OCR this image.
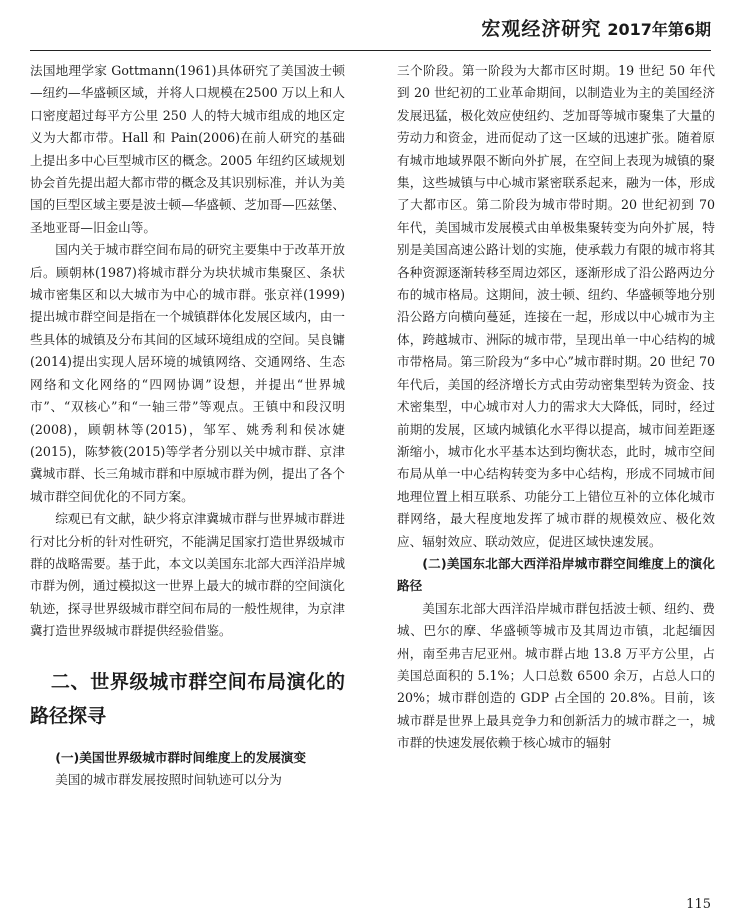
宏观经济研究 2017年第6期

法国地理学家 Gottmann(1961)具体研究了美国波士顿—纽约—华盛顿区域，并将人口规模在2500 万以上和人口密度超过每平方公里 250 人的特大城市组成的地区定义为大都市带。Hall 和 Pain(2006)在前人研究的基础上提出多中心巨型城市区的概念。2005 年纽约区域规划协会首先提出超大都市带的概念及其识别标准，并认为美国的巨型区域主要是波士顿—华盛顿、芝加哥—匹兹堡、圣地亚哥—旧金山等。

国内关于城市群空间布局的研究主要集中于改革开放后。顾朝林(1987)将城市群分为块状城市集聚区、条状城市密集区和以大城市为中心的城市群。张京祥(1999)提出城市群空间是指在一个城镇群体化发展区域内，由一些具体的城镇及分布其间的区域环境组成的空间。吴良镛(2014)提出实现人居环境的城镇网络、交通网络、生态网络和文化网络的“四网协调”设想，并提出“世界城市”、“双核心”和“一轴三带”等观点。王镇中和段汉明(2008)，顾朝林等(2015)，邹军、姚秀利和侯冰婕(2015)，陈梦筱(2015)等学者分别以关中城市群、京津冀城市群、长三角城市群和中原城市群为例，提出了各个城市群空间优化的不同方案。

综观已有文献，缺少将京津冀城市群与世界城市群进行对比分析的针对性研究，不能满足国家打造世界级城市群的战略需要。基于此，本文以美国东北部大西洋沿岸城市群为例，通过模拟这一世界上最大的城市群的空间演化轨迹，探寻世界级城市群空间布局的一般性规律，为京津冀打造世界级城市群提供经验借鉴。

二、世界级城市群空间布局演化的路径探寻
(一)美国世界级城市群时间维度上的发展演变

美国的城市群发展按照时间轨迹可以分为

三个阶段。第一阶段为大都市区时期。19 世纪 50 年代到 20 世纪初的工业革命期间，以制造业为主的美国经济发展迅猛，极化效应使纽约、芝加哥等城市聚集了大量的劳动力和资金，进而促动了这一区域的迅速扩张。随着原有城市地域界限不断向外扩展，在空间上表现为城镇的聚集，这些城镇与中心城市紧密联系起来，融为一体，形成了大都市区。第二阶段为城市带时期。20 世纪初到 70 年代，美国城市发展模式由单极集聚转变为向外扩展，特别是美国高速公路计划的实施，使承载力有限的城市将其各种资源逐渐转移至周边郊区，逐渐形成了沿公路两边分布的城市格局。这期间，波士顿、纽约、华盛顿等地分别沿公路方向横向蔓延，连接在一起，形成以中心城市为主体，跨越城市、洲际的城市带，呈现出单一中心结构的城市带格局。第三阶段为“多中心”城市群时期。20 世纪 70 年代后，美国的经济增长方式由劳动密集型转为资金、技术密集型，中心城市对人力的需求大大降低，同时，经过前期的发展，区域内城镇化水平得以提高，城市间差距逐渐缩小，城市化水平基本达到均衡状态，此时，城市空间布局从单一中心结构转变为多中心结构，形成不同城市间地理位置上相互联系、功能分工上错位互补的立体化城市群网络，最大程度地发挥了城市群的规模效应、极化效应、辐射效应、联动效应，促进区域快速发展。

(二)美国东北部大西洋沿岸城市群空间维度上的演化路径

美国东北部大西洋沿岸城市群包括波士顿、纽约、费城、巴尔的摩、华盛顿等城市及其周边市镇，北起缅因州，南至弗吉尼亚州。城市群占地 13.8 万平方公里，占美国总面积的 5.1%；人口总数 6500 余万，占总人口的 20%；城市群创造的 GDP 占全国的 20.8%。目前，该城市群是世界上最具竞争力和创新活力的城市群之一，城市群的快速发展依赖于核心城市的辐射

115
